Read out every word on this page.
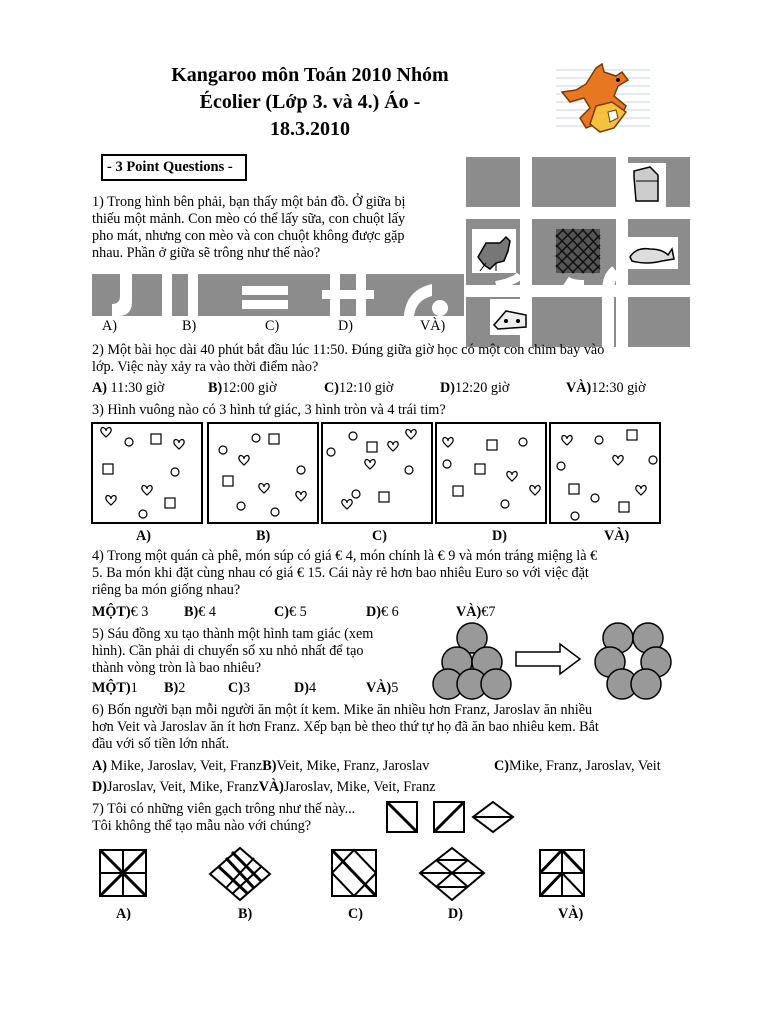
Kangaroo môn Toán 2010 Nhóm
Écolier (Lớp 3. và 4.) Áo -
18.3.2010
- 3 Point Questions -
1) Trong hình bên phải, bạn thấy một bản đồ. Ở giữa bị
thiếu một mảnh. Con mèo có thể lấy sữa, con chuột lấy
pho mát, nhưng con mèo và con chuột không được gặp
nhau. Phần ở giữa sẽ trông như thế nào?
A)	B)	C)	D)	VÀ)
2) Một bài học dài 40 phút bắt đầu lúc 11:50. Đúng giữa giờ học có một con chim bay vào
lớp. Việc này xảy ra vào thời điểm nào?
A) 11:30 giờ	B)12:00 giờ	C)12:10 giờ	D)12:20 giờ	VÀ)12:30 giờ
3) Hình vuông nào có 3 hình tứ giác, 3 hình tròn và 4 trái tim?
A)	B)	C)	D)	VÀ)
4) Trong một quán cà phê, món súp có giá € 4, món chính là € 9 và món tráng miệng là €
5. Ba món khi đặt cùng nhau có giá € 15. Cái này rẻ hơn bao nhiêu Euro so với việc đặt
riêng ba món giống nhau?
MỘT)€ 3	B)€ 4	C)€ 5	D)€ 6	VÀ)€7
5) Sáu đồng xu tạo thành một hình tam giác (xem
hình). Cần phải di chuyển số xu nhỏ nhất để tạo
thành vòng tròn là bao nhiêu?
MỘT)1 B)2	C)3	D)4	VÀ)5
6) Bốn người bạn mỗi người ăn một ít kem. Mike ăn nhiều hơn Franz, Jaroslav ăn nhiều
hơn Veit và Jaroslav ăn ít hơn Franz. Xếp bạn bè theo thứ tự họ đã ăn bao nhiêu kem. Bắt
đầu với số tiền lớn nhất.
A) Mike, Jaroslav, Veit, FranzB)Veit, Mike, Franz, Jaroslav	C)Mike, Franz, Jaroslav, Veit
D)Jaroslav, Veit, Mike, FranzVÀ)Jaroslav, Mike, Veit, Franz
7) Tôi có những viên gạch trông như thế này...
Tôi không thể tạo mẫu nào với chúng?
A)	B)	C)	D)	VÀ)
